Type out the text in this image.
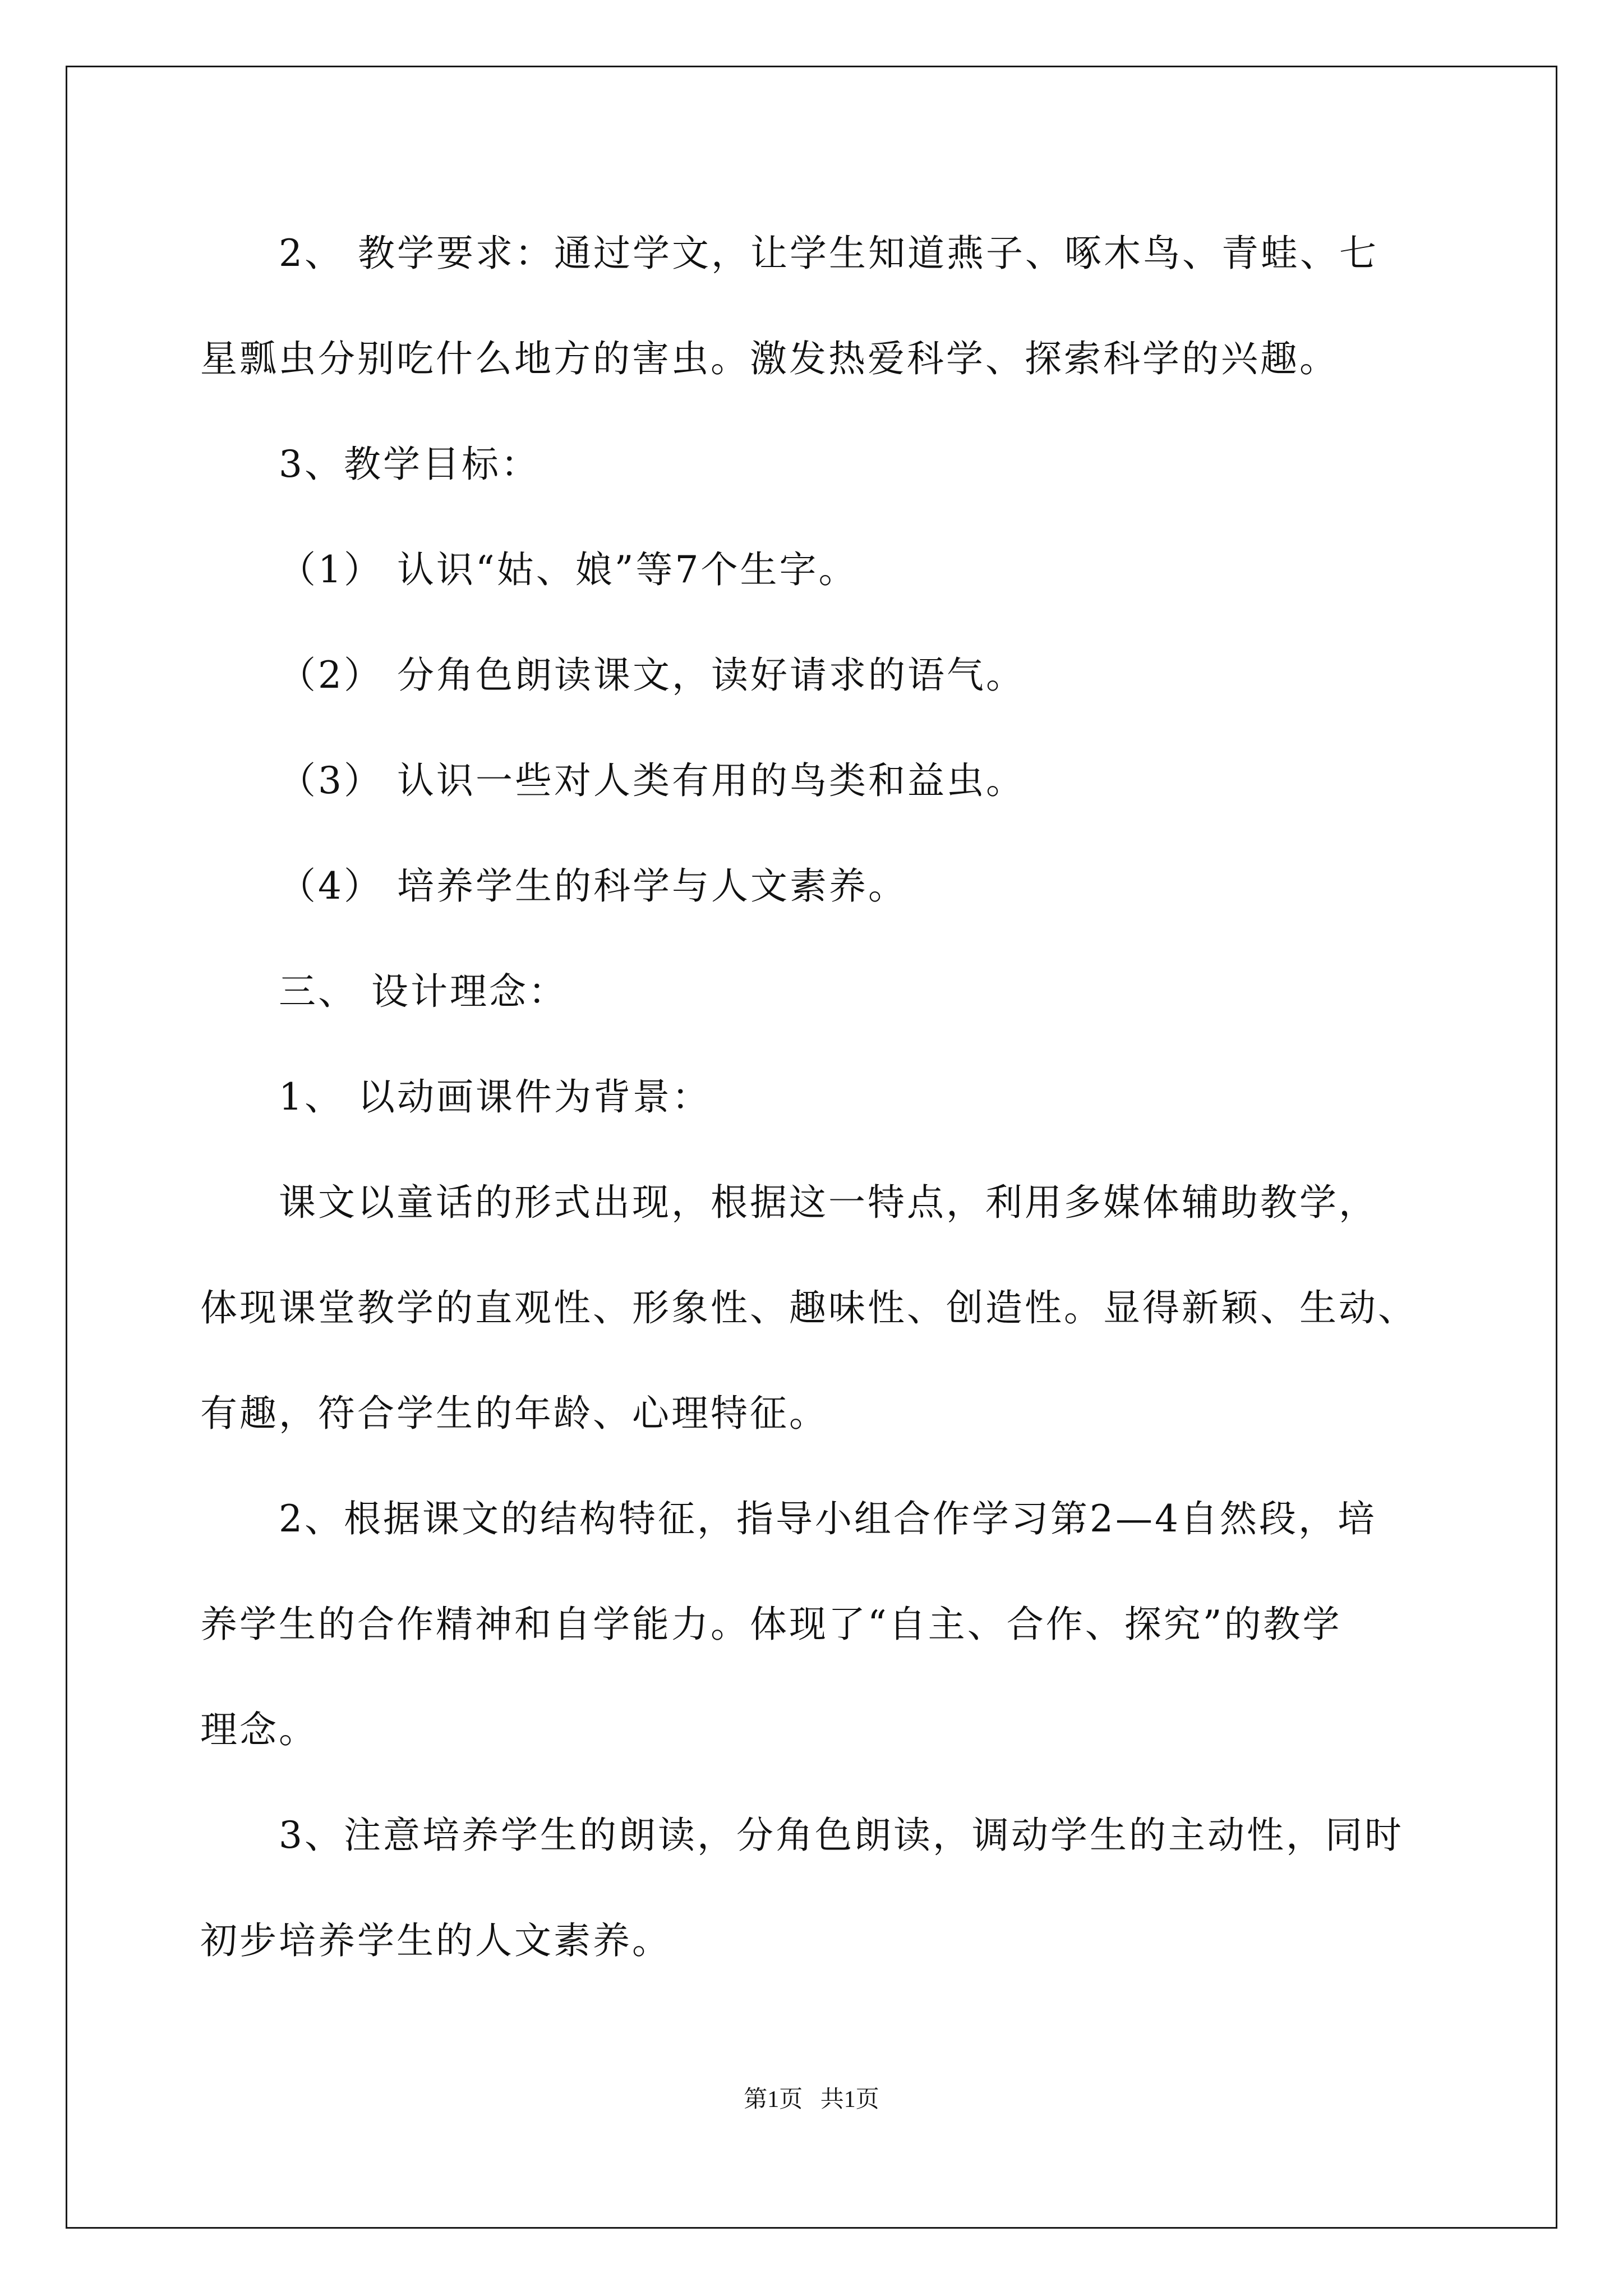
2、 教学要求：通过学文，让学生知道燕子、啄木鸟、青蛙、七
星瓢虫分别吃什么地方的害虫。激发热爱科学、探索科学的兴趣。
3、教学目标：
（1） 认识“姑、娘”等7个生字。
（2） 分角色朗读课文，读好请求的语气。
（3） 认识一些对人类有用的鸟类和益虫。
（4） 培养学生的科学与人文素养。
三、 设计理念：
1、 以动画课件为背景：
课文以童话的形式出现，根据这一特点，利用多媒体辅助教学，
体现课堂教学的直观性、形象性、趣味性、创造性。显得新颖、生动、
有趣，符合学生的年龄、心理特征。
2、根据课文的结构特征，指导小组合作学习第2—4自然段，培
养学生的合作精神和自学能力。体现了“自主、合作、探究”的教学
理念。
3、注意培养学生的朗读，分角色朗读，调动学生的主动性，同时
初步培养学生的人文素养。
第1页   共1页
